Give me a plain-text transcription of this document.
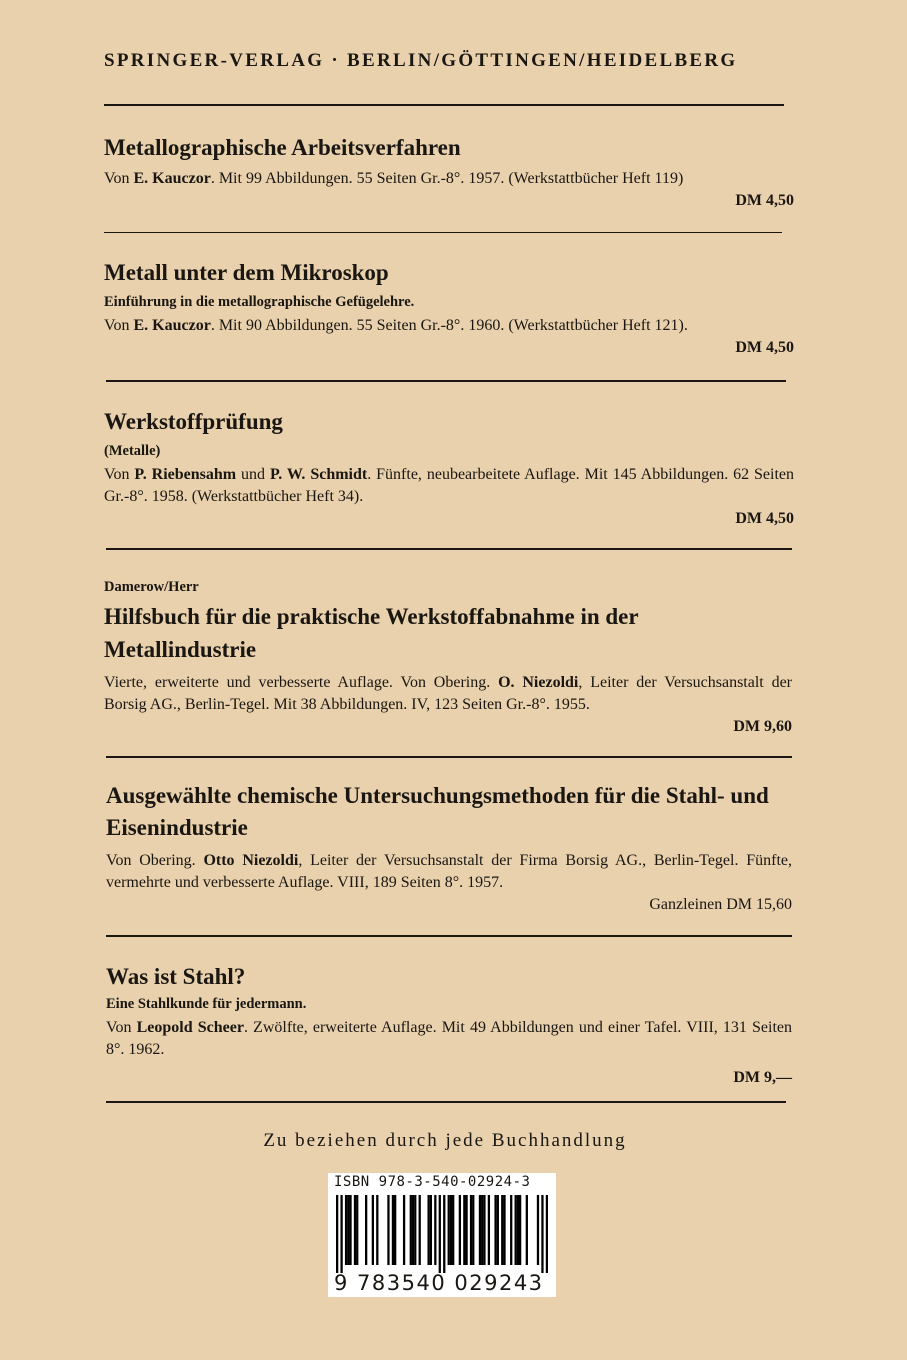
SPRINGER-VERLAG · BERLIN/GÖTTINGEN/HEIDELBERG
Metallographische Arbeitsverfahren
Von E. Kauczor. Mit 99 Abbildungen. 55 Seiten Gr.-8°. 1957. (Werkstattbücher Heft 119)
DM 4,50
Metall unter dem Mikroskop
Einführung in die metallographische Gefügelehre.
Von E. Kauczor. Mit 90 Abbildungen. 55 Seiten Gr.-8°. 1960. (Werkstattbücher Heft 121).
DM 4,50
Werkstoffprüfung
(Metalle)
Von P. Riebensahm und P. W. Schmidt. Fünfte, neubearbeitete Auflage. Mit 145 Abbildungen. 62 Seiten Gr.-8°. 1958. (Werkstattbücher Heft 34).
DM 4,50
Damerow/Herr
Hilfsbuch für die praktische Werkstoffabnahme in der Metallindustrie
Vierte, erweiterte und verbesserte Auflage. Von Obering. O. Niezoldi, Leiter der Versuchsanstalt der Borsig AG., Berlin-Tegel. Mit 38 Abbildungen. IV, 123 Seiten Gr.-8°. 1955.
DM 9,60
Ausgewählte chemische Untersuchungsmethoden für die Stahl- und Eisenindustrie
Von Obering. Otto Niezoldi, Leiter der Versuchsanstalt der Firma Borsig AG., Berlin-Tegel. Fünfte, vermehrte und verbesserte Auflage. VIII, 189 Seiten 8°. 1957.
Ganzleinen DM 15,60
Was ist Stahl?
Eine Stahlkunde für jedermann.
Von Leopold Scheer. Zwölfte, erweiterte Auflage. Mit 49 Abbildungen und einer Tafel. VIII, 131 Seiten 8°. 1962.
DM 9,—
Zu beziehen durch jede Buchhandlung
ISBN 978-3-540-02924-3
9 783540 029243
